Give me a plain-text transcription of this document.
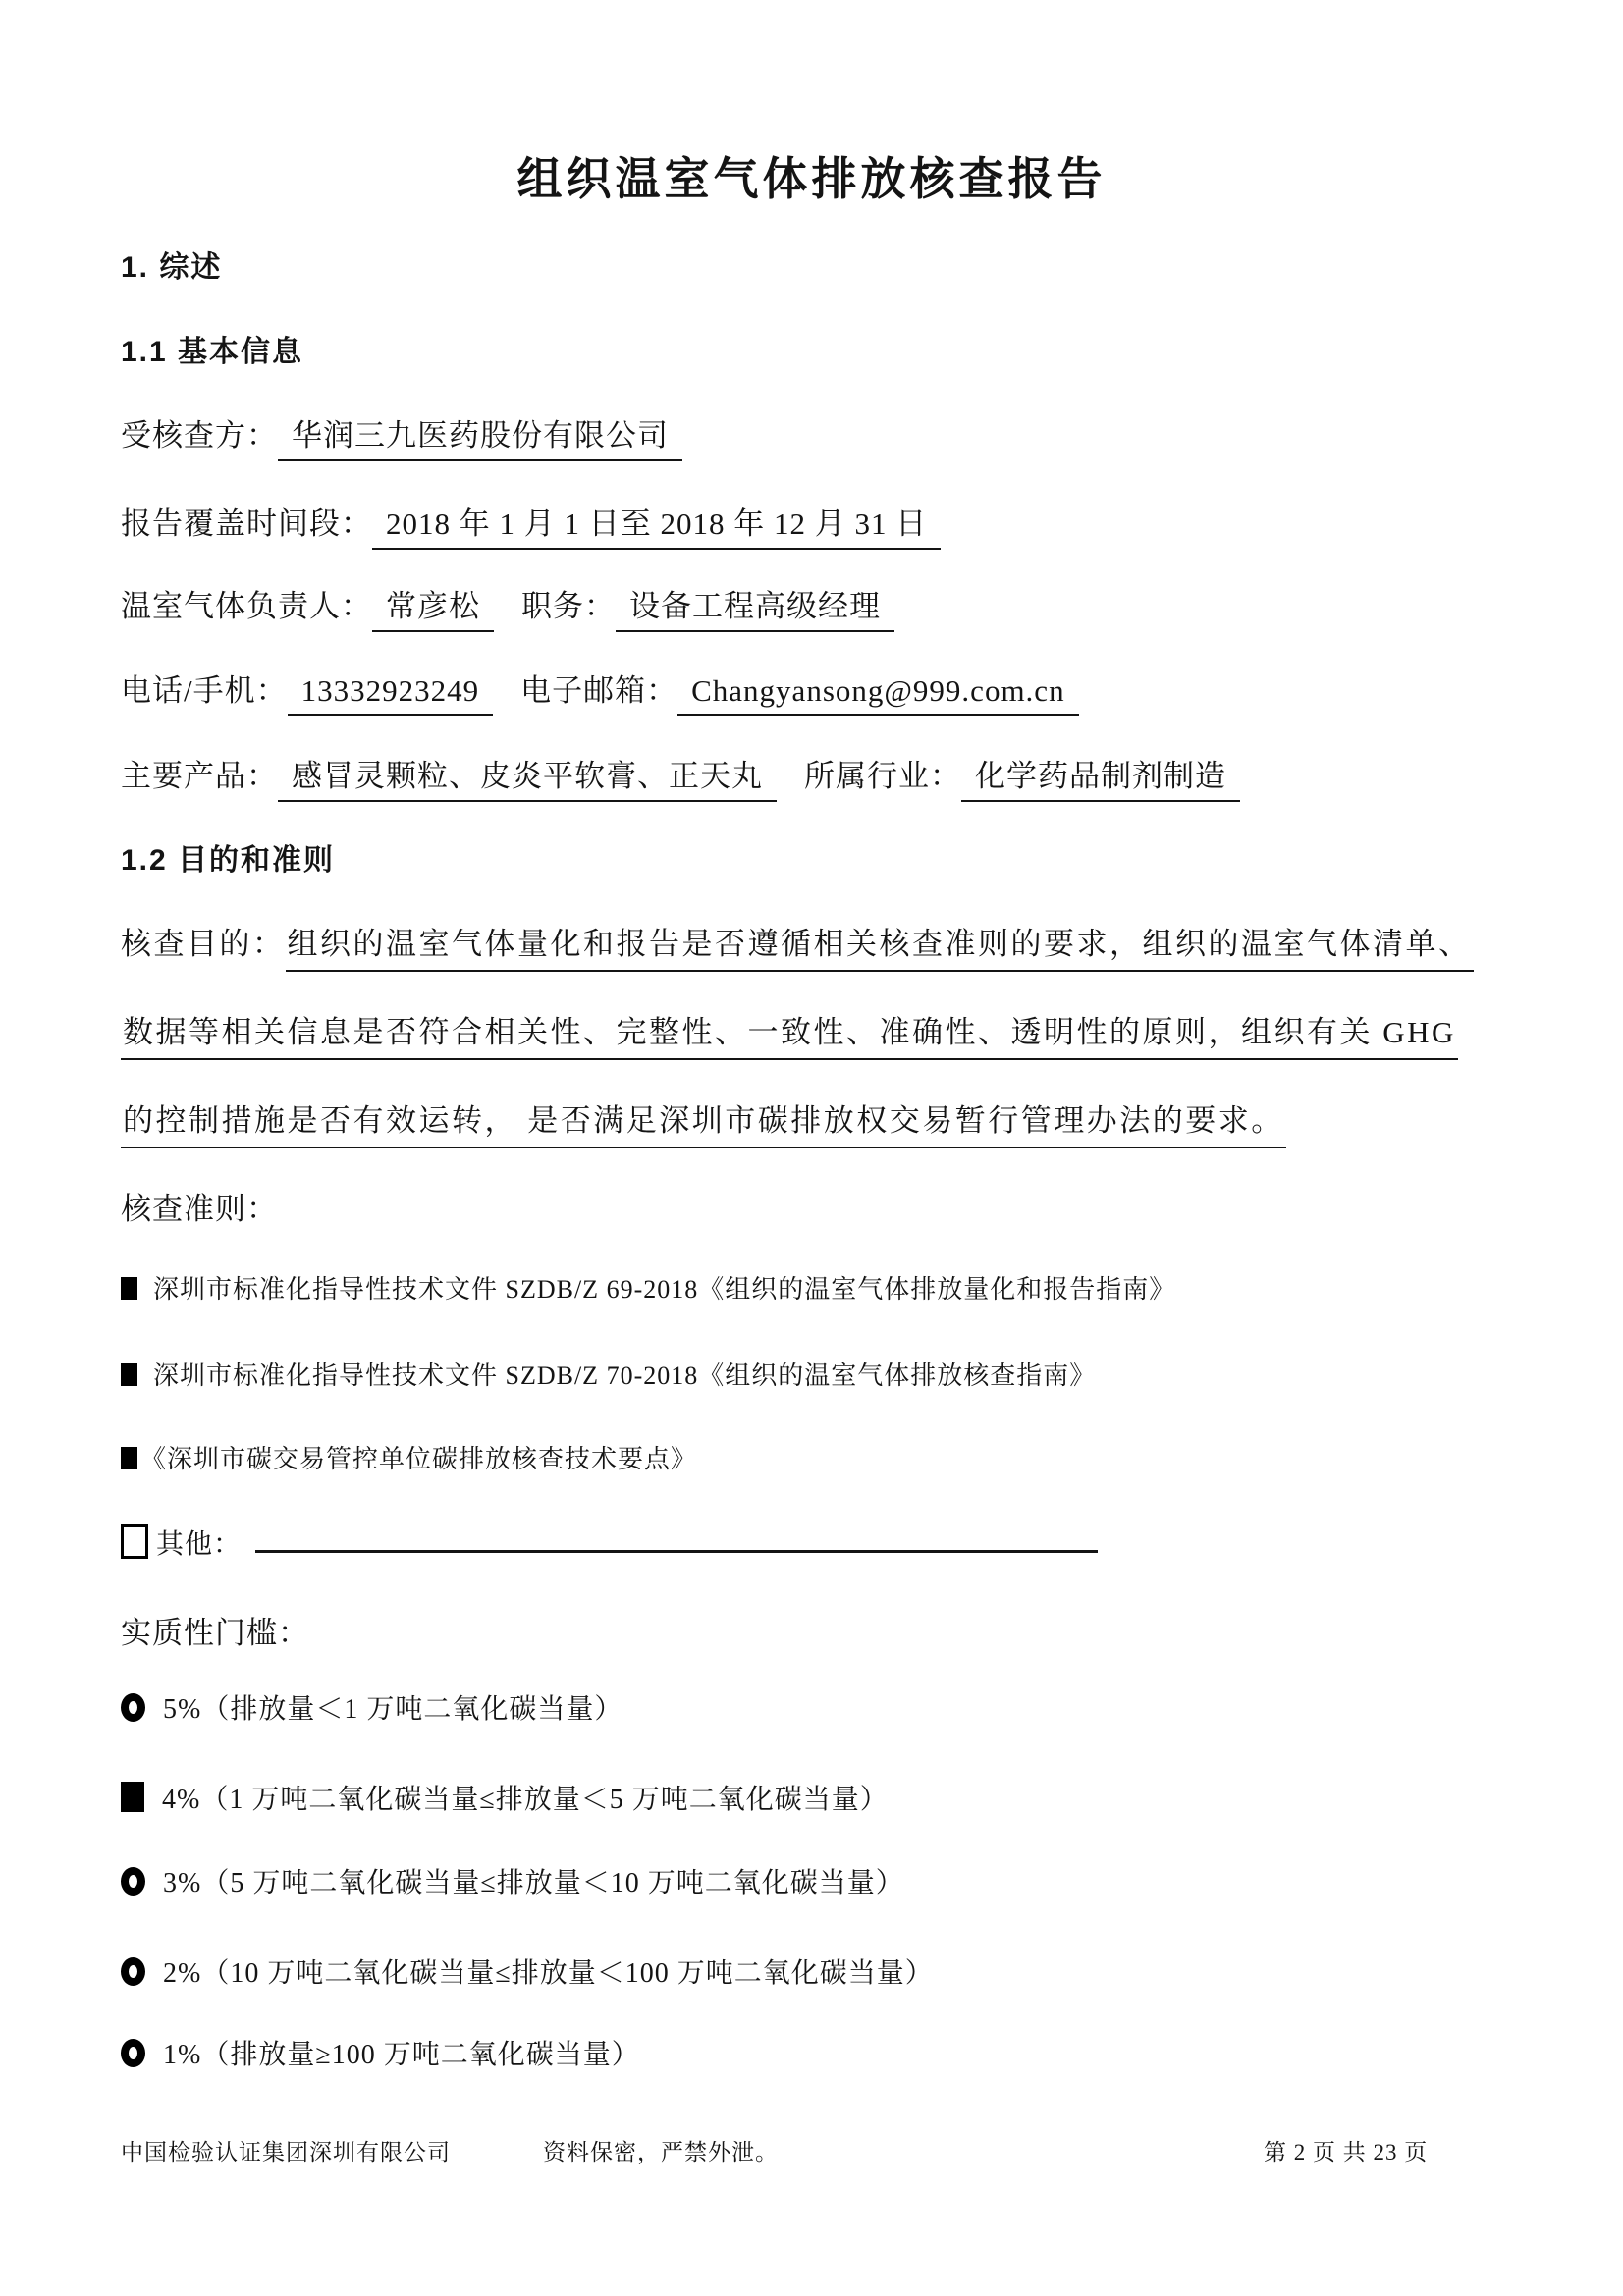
组织温室气体排放核查报告
1. 综述
1.1 基本信息
受核查方： 华润三九医药股份有限公司
报告覆盖时间段： 2018 年 1 月 1 日至 2018 年 12 月 31 日
温室气体负责人： 常彦松 职务： 设备工程高级经理
电话/手机： 13332923249 电子邮箱： Changyansong@999.com.cn
主要产品： 感冒灵颗粒、皮炎平软膏、正天丸 所属行业： 化学药品制剂制造
1.2 目的和准则
核查目的：组织的温室气体量化和报告是否遵循相关核查准则的要求，组织的温室气体清单、
数据等相关信息是否符合相关性、完整性、一致性、准确性、透明性的原则，组织有关 GHG
的控制措施是否有效运转， 是否满足深圳市碳排放权交易暂行管理办法的要求。
核查准则：
深圳市标准化指导性技术文件 SZDB/Z 69-2018《组织的温室气体排放量化和报告指南》
深圳市标准化指导性技术文件 SZDB/Z 70-2018《组织的温室气体排放核查指南》
《深圳市碳交易管控单位碳排放核查技术要点》
其他：
实质性门槛：
5%（排放量＜1 万吨二氧化碳当量）
4%（1 万吨二氧化碳当量≤排放量＜5 万吨二氧化碳当量）
3%（5 万吨二氧化碳当量≤排放量＜10 万吨二氧化碳当量）
2%（10 万吨二氧化碳当量≤排放量＜100 万吨二氧化碳当量）
1%（排放量≥100 万吨二氧化碳当量）
中国检验认证集团深圳有限公司	资料保密，严禁外泄。	第 2 页 共 23 页
